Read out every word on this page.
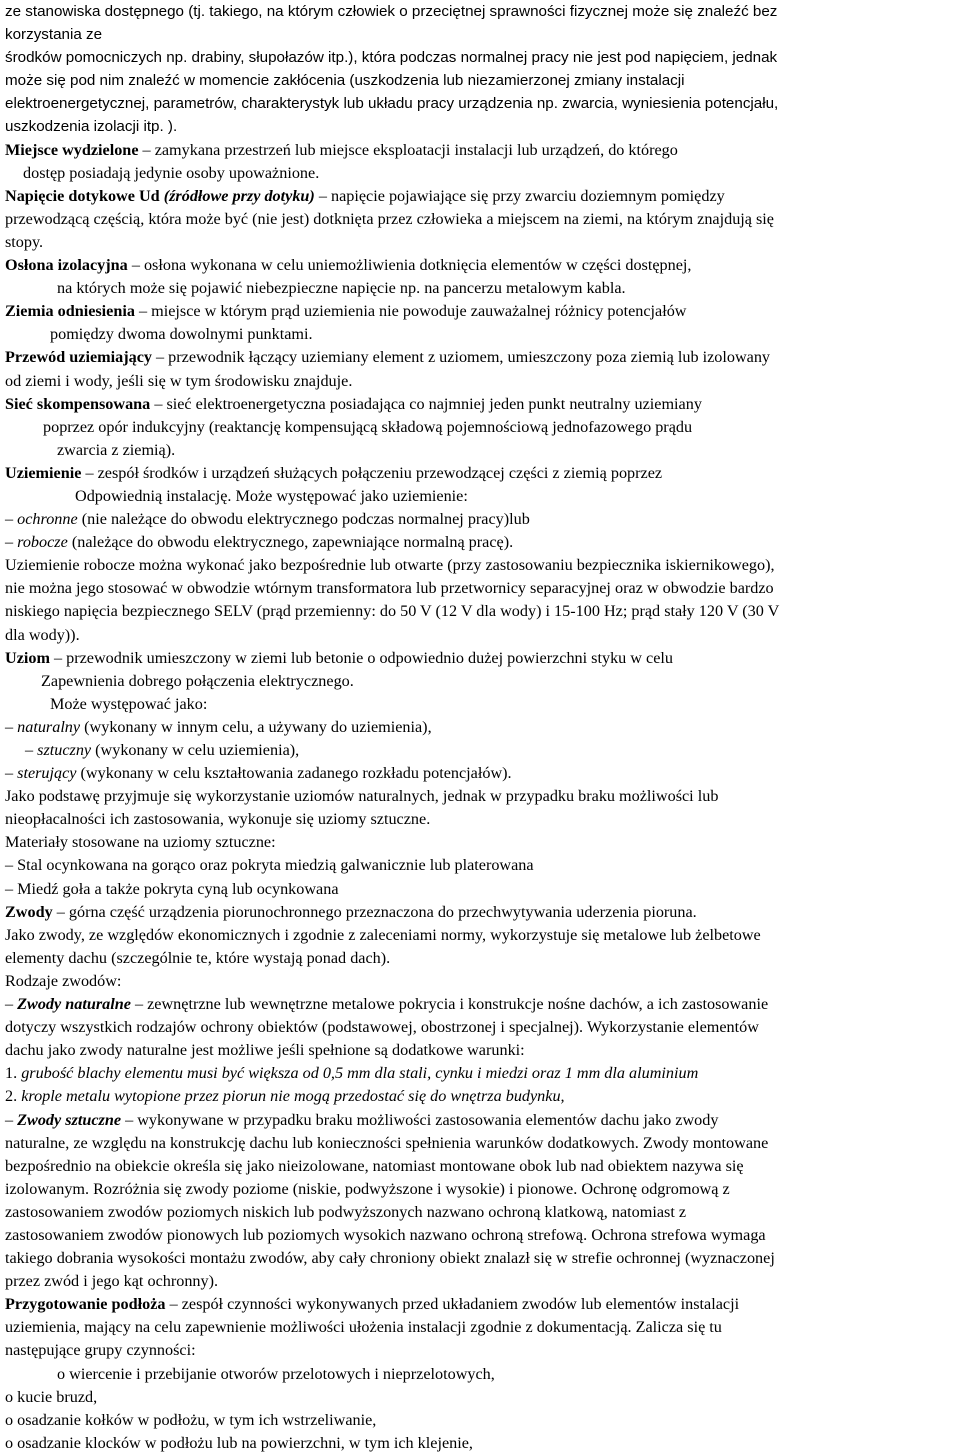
ze stanowiska dostępnego (tj. takiego, na którym człowiek o przeciętnej sprawności fizycznej może się znaleźć bez
korzystania ze
środków pomocniczych np. drabiny, słupołazów itp.), która podczas normalnej pracy nie jest pod napięciem, jednak
może się pod nim znaleźć w momencie zakłócenia (uszkodzenia lub niezamierzonej zmiany instalacji
elektroenergetycznej, parametrów, charakterystyk lub układu pracy urządzenia np. zwarcia, wyniesienia potencjału,
uszkodzenia izolacji itp. ).
Miejsce wydzielone – zamykana przestrzeń lub miejsce eksploatacji instalacji lub urządzeń, do którego
dostęp posiadają jedynie osoby upoważnione.
Napięcie dotykowe Ud (źródłowe przy dotyku) – napięcie pojawiające się przy zwarciu doziemnym pomiędzy
przewodzącą częścią, która może być (nie jest) dotknięta przez człowieka a miejscem na ziemi, na którym znajdują się
stopy.
Osłona izolacyjna – osłona wykonana w celu uniemożliwienia dotknięcia elementów w części dostępnej,
na których może się pojawić niebezpieczne napięcie np. na pancerzu metalowym kabla.
Ziemia odniesienia – miejsce w którym prąd uziemienia nie powoduje zauważalnej różnicy potencjałów
pomiędzy dwoma dowolnymi punktami.
Przewód uziemiający – przewodnik łączący uziemiany element z uziomem, umieszczony poza ziemią lub izolowany
od ziemi i wody, jeśli się w tym środowisku znajduje.
Sieć skompensowana – sieć elektroenergetyczna posiadająca co najmniej jeden punkt neutralny uziemiany
poprzez opór indukcyjny (reaktancję kompensującą składową pojemnościową jednofazowego prądu
zwarcia z ziemią).
Uziemienie – zespół środków i urządzeń służących połączeniu przewodzącej części z ziemią poprzez
Odpowiednią instalację. Może występować jako uziemienie:
– ochronne (nie należące do obwodu elektrycznego podczas normalnej pracy)lub
– robocze (należące do obwodu elektrycznego, zapewniające normalną pracę).
Uziemienie robocze można wykonać jako bezpośrednie lub otwarte (przy zastosowaniu bezpiecznika iskiernikowego),
nie można jego stosować w obwodzie wtórnym transformatora lub przetwornicy separacyjnej oraz w obwodzie bardzo
niskiego napięcia bezpiecznego SELV (prąd przemienny: do 50 V (12 V dla wody) i 15-100 Hz; prąd stały 120 V (30 V
dla wody)).
Uziom – przewodnik umieszczony w ziemi lub betonie o odpowiednio dużej powierzchni styku w celu
Zapewnienia dobrego połączenia elektrycznego.
Może występować jako:
– naturalny (wykonany w innym celu, a używany do uziemienia),
– sztuczny (wykonany w celu uziemienia),
– sterujący (wykonany w celu kształtowania zadanego rozkładu potencjałów).
Jako podstawę przyjmuje się wykorzystanie uziomów naturalnych, jednak w przypadku braku możliwości lub
nieopłacalności ich zastosowania, wykonuje się uziomy sztuczne.
Materiały stosowane na uziomy sztuczne:
– Stal ocynkowana na gorąco oraz pokryta miedzią galwanicznie lub platerowana
– Miedź goła a także pokryta cyną lub ocynkowana
Zwody – górna część urządzenia piorunochronnego przeznaczona do przechwytywania uderzenia pioruna.
Jako zwody, ze względów ekonomicznych i zgodnie z zaleceniami normy, wykorzystuje się metalowe lub żelbetowe
elementy dachu (szczególnie te, które wystają ponad dach).
Rodzaje zwodów:
– Zwody naturalne – zewnętrzne lub wewnętrzne metalowe pokrycia i konstrukcje nośne dachów, a ich zastosowanie
dotyczy wszystkich rodzajów ochrony obiektów (podstawowej, obostrzonej i specjalnej). Wykorzystanie elementów
dachu jako zwody naturalne jest możliwe jeśli spełnione są dodatkowe warunki:
1. grubość blachy elementu musi być większa od 0,5 mm dla stali, cynku i miedzi oraz 1 mm dla aluminium
2. krople metalu wytopione przez piorun nie mogą przedostać się do wnętrza budynku,
– Zwody sztuczne – wykonywane w przypadku braku możliwości zastosowania elementów dachu jako zwody
naturalne, ze względu na konstrukcję dachu lub konieczności spełnienia warunków dodatkowych. Zwody montowane
bezpośrednio na obiekcie określa się jako nieizolowane, natomiast montowane obok lub nad obiektem nazywa się
izolowanym. Rozróżnia się zwody poziome (niskie, podwyższone i wysokie) i pionowe. Ochronę odgromową z
zastosowaniem zwodów poziomych niskich lub podwyższonych nazwano ochroną klatkową, natomiast z
zastosowaniem zwodów pionowych lub poziomych wysokich nazwano ochroną strefową. Ochrona strefowa wymaga
takiego dobrania wysokości montażu zwodów, aby cały chroniony obiekt znalazł się w strefie ochronnej (wyznaczonej
przez zwód i jego kąt ochronny).
Przygotowanie podłoża – zespół czynności wykonywanych przed układaniem zwodów lub elementów instalacji
uziemienia, mający na celu zapewnienie możliwości ułożenia instalacji zgodnie z dokumentacją. Zalicza się tu
następujące grupy czynności:
o wiercenie i przebijanie otworów przelotowych i nieprzelotowych,
o kucie bruzd,
o osadzanie kołków w podłożu, w tym ich wstrzeliwanie,
o osadzanie klocków w podłożu lub na powierzchni, w tym ich klejenie,
